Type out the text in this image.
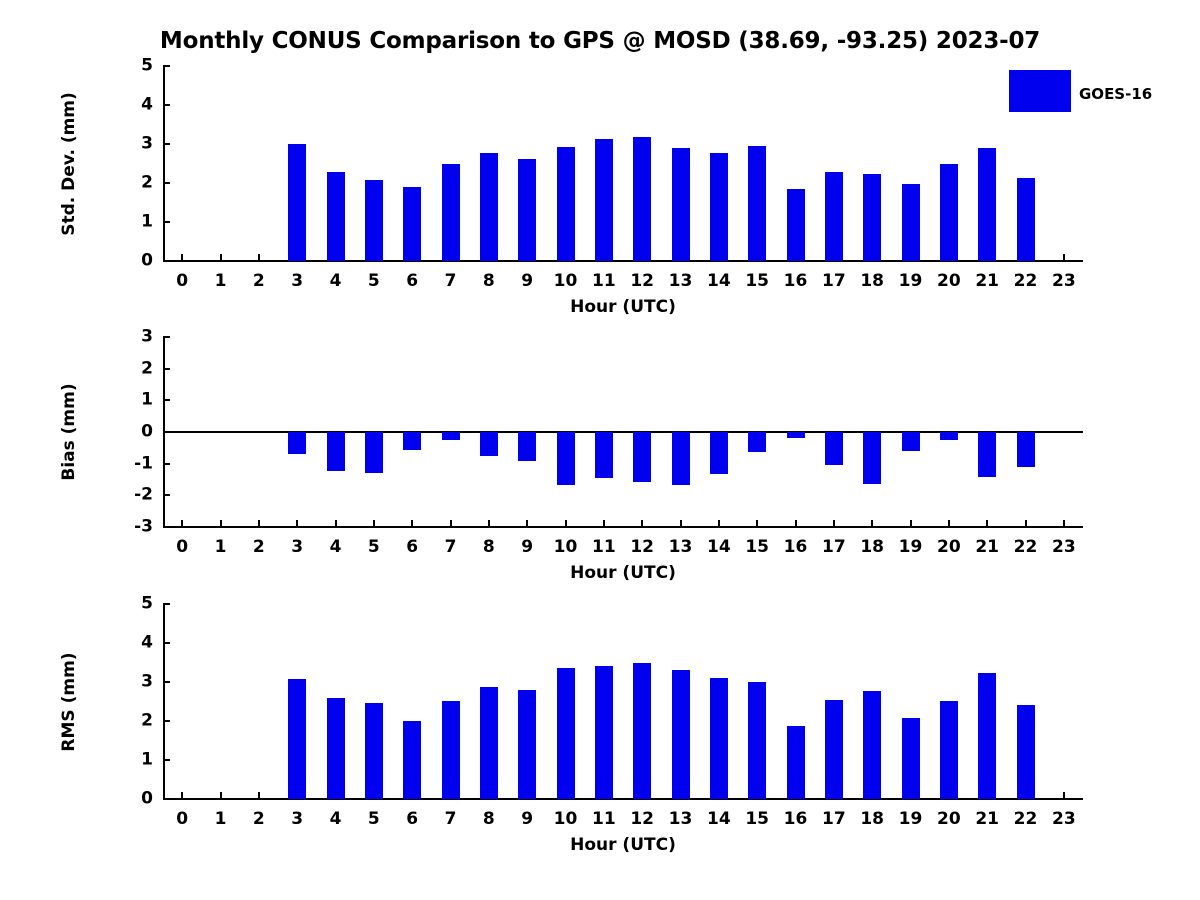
Monthly CONUS Comparison to GPS @ MOSD (38.69, -93.25) 2023-07
0
1
2
3
4
5
0 1 2 3 4 5 6 7 8 9 10 11 12 13 14 15 16 17 18 19 20 21 22 23
Hour (UTC)
Std. Dev. (mm)	GOES-16
-3
-2
-1
0
1
2
3
0 1 2 3 4 5 6 7 8 9 10 11 12 13 14 15 16 17 18 19 20 21 22 23
Hour (UTC)
Bias (mm)
0
1
2
3
4
5
0 1 2 3 4 5 6 7 8 9 10 11 12 13 14 15 16 17 18 19 20 21 22 23
Hour (UTC)
RMS (mm)
